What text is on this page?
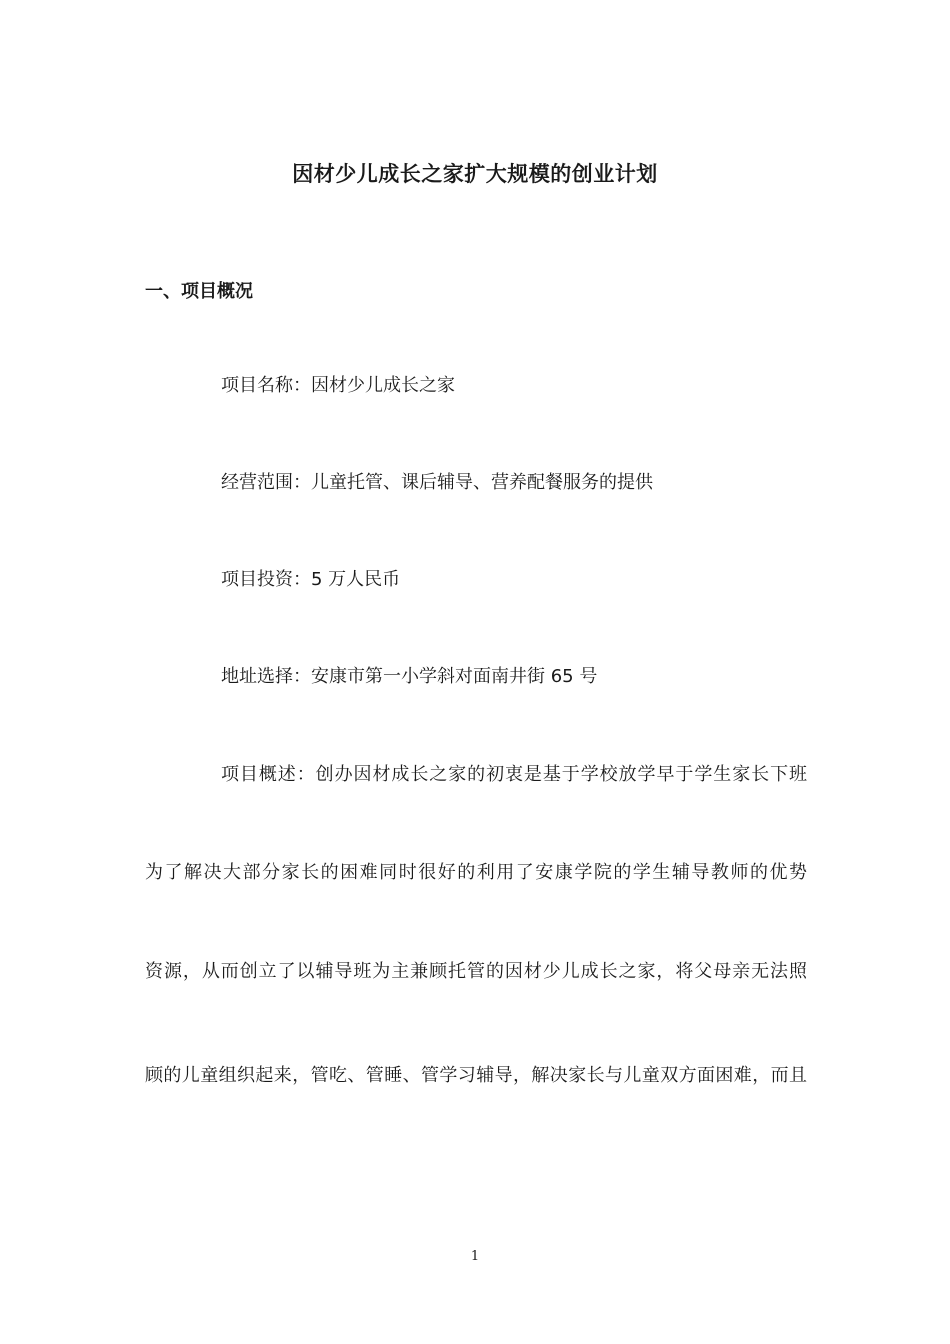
因材少儿成长之家扩大规模的创业计划
一、项目概况
项目名称：因材少儿成长之家
经营范围：儿童托管、课后辅导、营养配餐服务的提供
项目投资：5 万人民币
地址选择：安康市第一小学斜对面南井街 65 号
项目概述：创办因材成长之家的初衷是基于学校放学早于学生家长下班
为了解决大部分家长的困难同时很好的利用了安康学院的学生辅导教师的优势
资源，从而创立了以辅导班为主兼顾托管的因材少儿成长之家，将父母亲无法照
顾的儿童组织起来，管吃、管睡、管学习辅导，解决家长与儿童双方面困难，而且
1
